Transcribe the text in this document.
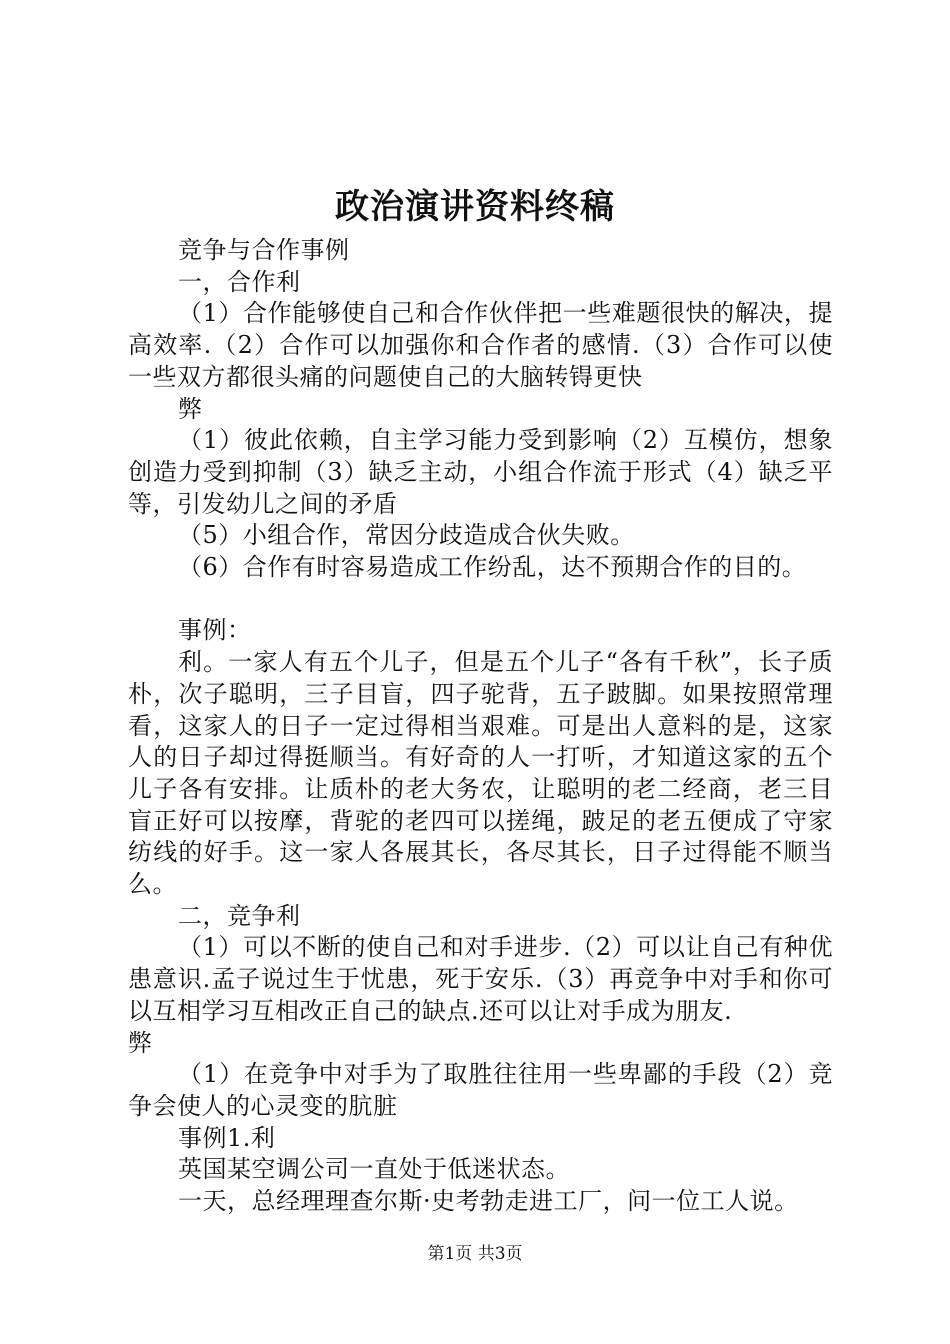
政治演讲资料终稿

竞争与合作事例

一，合作利

（1）合作能够使自己和合作伙伴把一些难题很快的解决，提高效率.（2）合作可以加强你和合作者的感情.（3）合作可以使一些双方都很头痛的问题使自己的大脑转锝更快

弊

（1）彼此依赖，自主学习能力受到影响（2）互模仿，想象创造力受到抑制（3）缺乏主动，小组合作流于形式（4）缺乏平等，引发幼儿之间的矛盾

（5）小组合作，常因分歧造成合伙失败。

（6）合作有时容易造成工作纷乱，达不预期合作的目的。

事例：

利。一家人有五个儿子，但是五个儿子“各有千秋”，长子质朴，次子聪明，三子目盲，四子驼背，五子跛脚。如果按照常理看，这家人的日子一定过得相当艰难。可是出人意料的是，这家人的日子却过得挺顺当。有好奇的人一打听，才知道这家的五个儿子各有安排。让质朴的老大务农，让聪明的老二经商，老三目盲正好可以按摩，背驼的老四可以搓绳，跛足的老五便成了守家纺线的好手。这一家人各展其长，各尽其长，日子过得能不顺当么。

二，竞争利

（1）可以不断的使自己和对手进步.（2）可以让自己有种优患意识.孟子说过生于忧患，死于安乐.（3）再竞争中对手和你可以互相学习互相改正自己的缺点.还可以让对手成为朋友.

弊

（1）在竞争中对手为了取胜往往用一些卑鄙的手段（2）竞争会使人的心灵变的肮脏

事例1.利

英国某空调公司一直处于低迷状态。

一天，总经理理查尔斯·史考勃走进工厂，问一位工人说。

第1页 共3页
